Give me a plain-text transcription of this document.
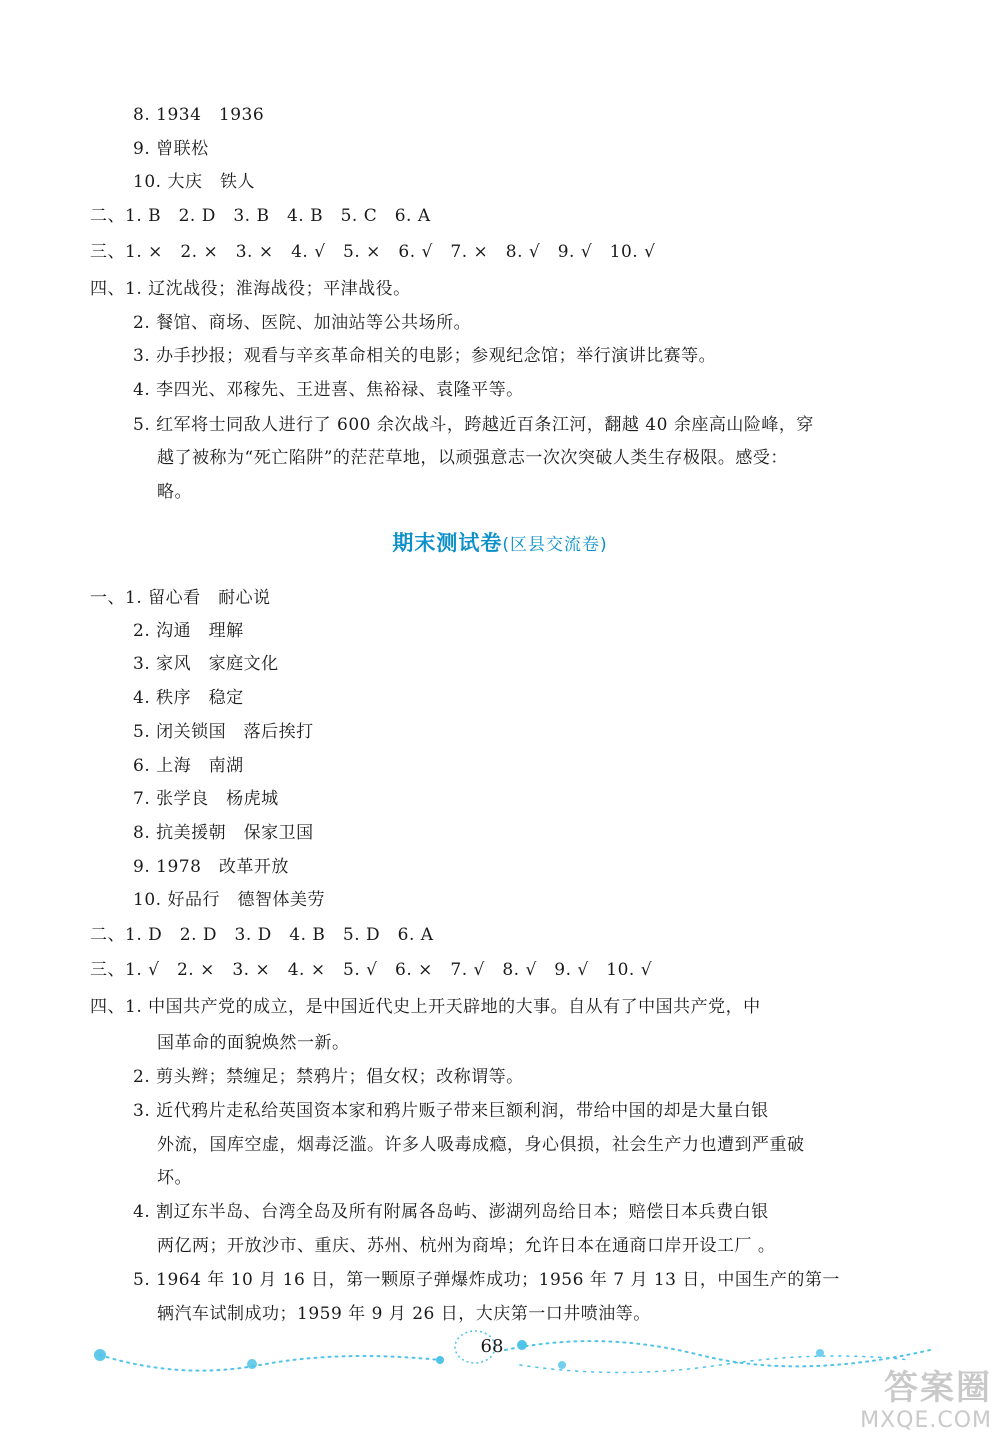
8. 1934　1936
9. 曾联松
10. 大庆　铁人
二、1. B　2. D　3. B　4. B　5. C　6. A
三、1. ×　2. ×　3. ×　4. √　5. ×　6. √　7. ×　8. √　9. √　10. √
四、1. 辽沈战役；淮海战役；平津战役。
2. 餐馆、商场、医院、加油站等公共场所。
3. 办手抄报；观看与辛亥革命相关的电影；参观纪念馆；举行演讲比赛等。
4. 李四光、邓稼先、王进喜、焦裕禄、袁隆平等。
5. 红军将士同敌人进行了 600 余次战斗，跨越近百条江河，翻越 40 余座高山险峰，穿
越了被称为“死亡陷阱”的茫茫草地，以顽强意志一次次突破人类生存极限。感受：
略。
期末测试卷(区县交流卷)
一、1. 留心看　耐心说
2. 沟通　理解
3. 家风　家庭文化
4. 秩序　稳定
5. 闭关锁国　落后挨打
6. 上海　南湖
7. 张学良　杨虎城
8. 抗美援朝　保家卫国
9. 1978　改革开放
10. 好品行　德智体美劳
二、1. D　2. D　3. D　4. B　5. D　6. A
三、1. √　2. ×　3. ×　4. ×　5. √　6. ×　7. √　8. √　9. √　10. √
四、1. 中国共产党的成立，是中国近代史上开天辟地的大事。自从有了中国共产党，中
国革命的面貌焕然一新。
2. 剪头辫；禁缠足；禁鸦片；倡女权；改称谓等。
3. 近代鸦片走私给英国资本家和鸦片贩子带来巨额利润，带给中国的却是大量白银
外流，国库空虚，烟毒泛滥。许多人吸毒成瘾，身心俱损，社会生产力也遭到严重破
坏。
4. 割辽东半岛、台湾全岛及所有附属各岛屿、澎湖列岛给日本；赔偿日本兵费白银
两亿两；开放沙市、重庆、苏州、杭州为商埠；允许日本在通商口岸开设工厂 。
5. 1964 年 10 月 16 日，第一颗原子弹爆炸成功；1956 年 7 月 13 日，中国生产的第一
辆汽车试制成功；1959 年 9 月 26 日，大庆第一口井喷油等。
68
答案圈
MXQE.COM
